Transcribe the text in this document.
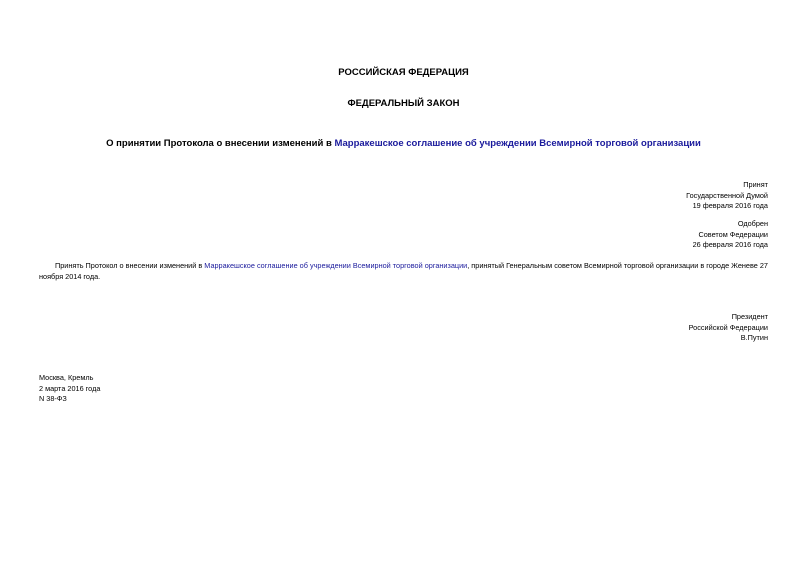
РОССИЙСКАЯ ФЕДЕРАЦИЯ
ФЕДЕРАЛЬНЫЙ ЗАКОН
О принятии Протокола о внесении изменений в Марракешское соглашение об учреждении Всемирной торговой организации
Принят
Государственной Думой
19 февраля 2016 года
Одобрен
Советом Федерации
26 февраля 2016 года
Принять Протокол о внесении изменений в Марракешское соглашение об учреждении Всемирной торговой организации, принятый Генеральным советом Всемирной торговой организации в городе Женеве 27 ноября 2014 года.
Президент
Российской Федерации
В.Путин
Москва, Кремль
2 марта 2016 года
N 38-ФЗ
